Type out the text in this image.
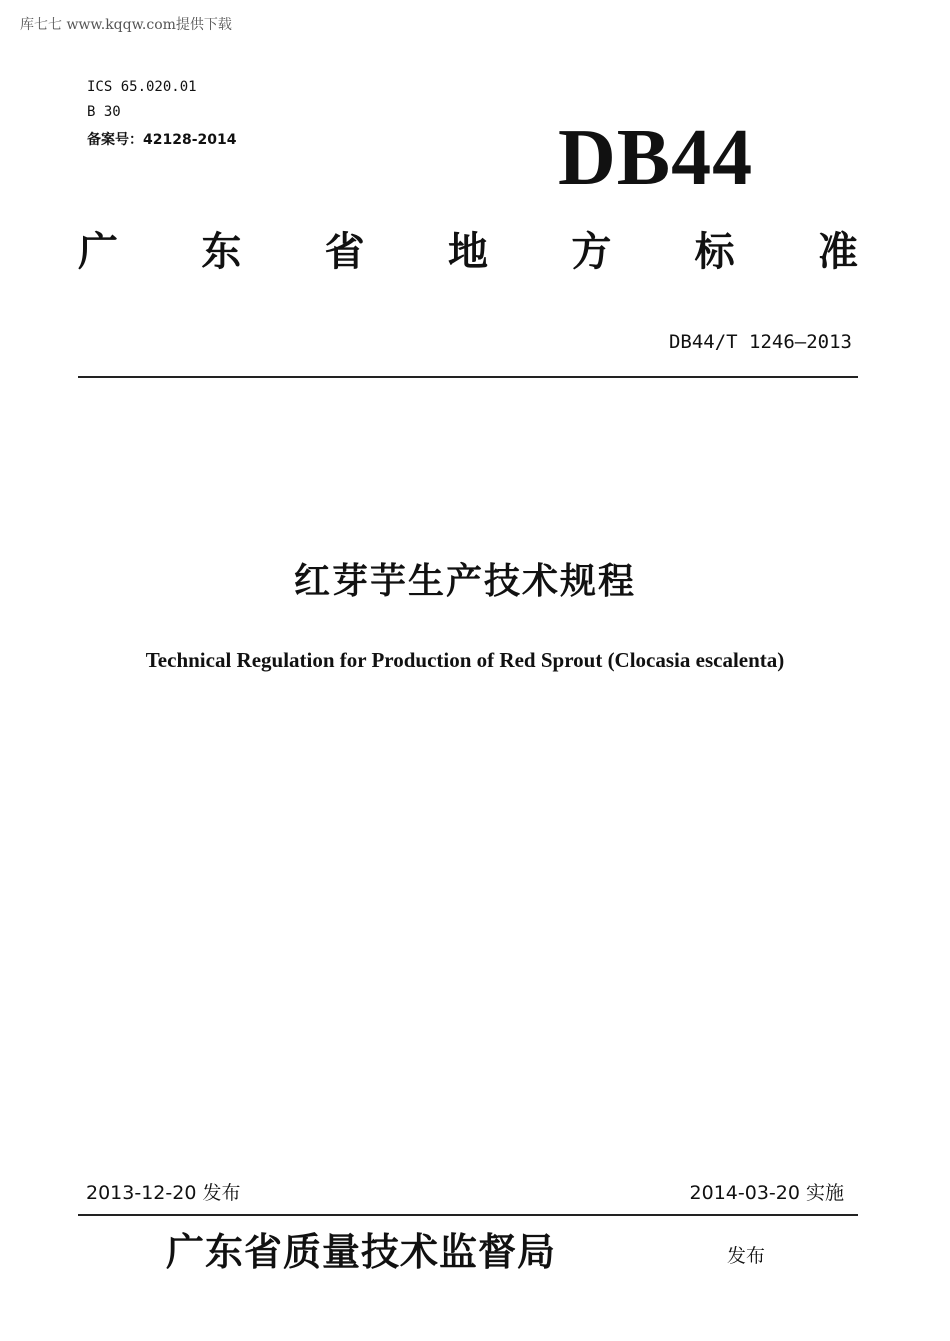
库七七 www.kqqw.com提供下载
ICS 65.020.01
B 30
备案号：42128-2014	DB44
广 东 省 地 方 标 准
DB44/T 1246—2013
红芽芋生产技术规程
Technical Regulation for Production of Red Sprout (Clocasia escalenta)
2013-12-20 发布	2014-03-20 实施
广东省质量技术监督局	发布
